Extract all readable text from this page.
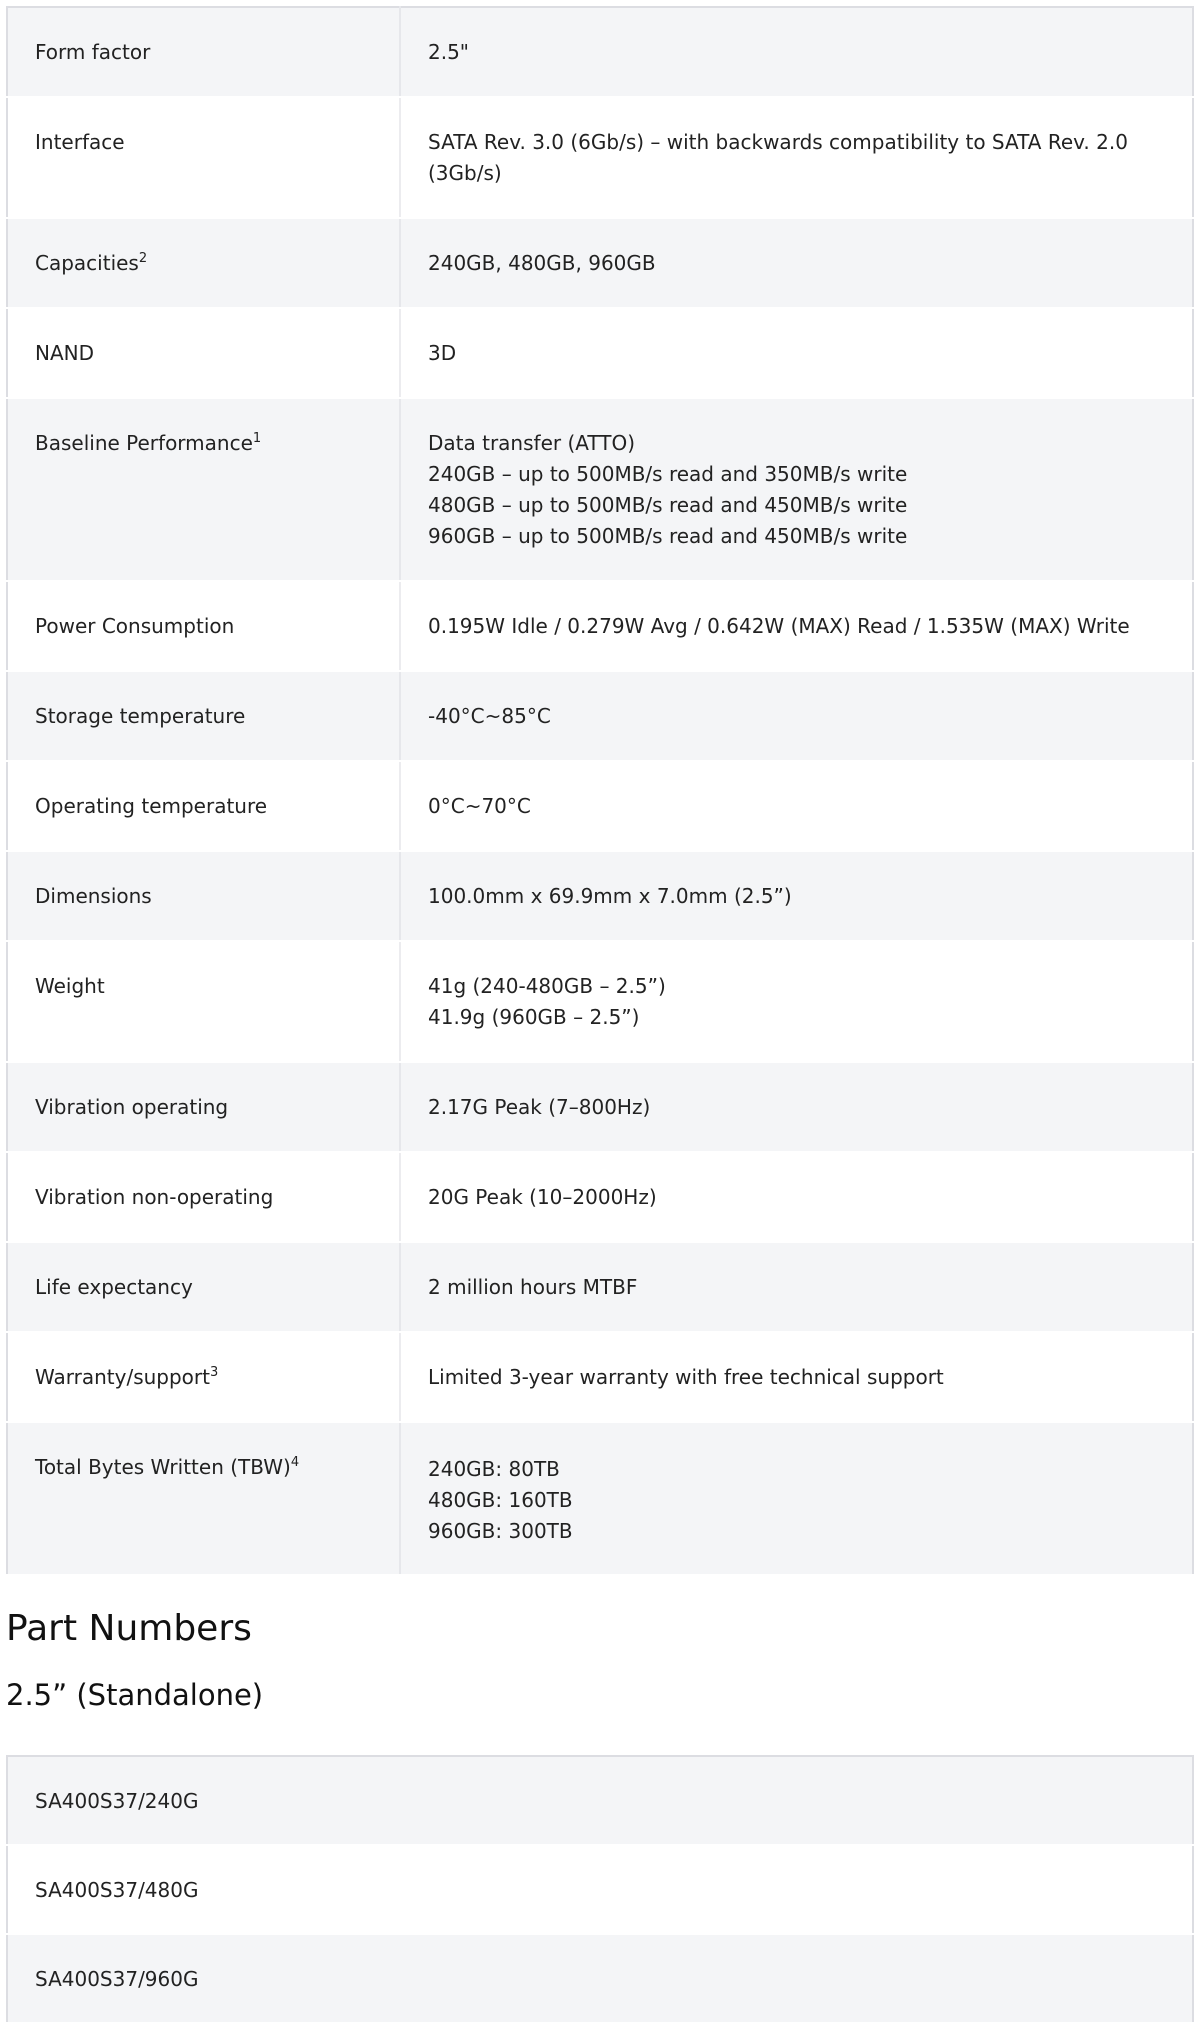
Form factor	2.5"

Interface	SATA Rev. 3.0 (6Gb/s) – with backwards compatibility to SATA Rev. 2.0 (3Gb/s)

Capacities$^2$	240GB, 480GB, 960GB

NAND	3D

Baseline Performance$^1$	Data transfer (ATTO)
240GB – up to 500MB/s read and 350MB/s write
480GB – up to 500MB/s read and 450MB/s write
960GB – up to 500MB/s read and 450MB/s write

Power Consumption	0.195W Idle / 0.279W Avg / 0.642W (MAX) Read / 1.535W (MAX) Write

Storage temperature	-40°C~85°C

Operating temperature	0°C~70°C

Dimensions	100.0mm x 69.9mm x 7.0mm (2.5”)

Weight	41g (240-480GB – 2.5”)
41.9g (960GB – 2.5”)

Vibration operating	2.17G Peak (7–800Hz)

Vibration non-operating	20G Peak (10–2000Hz)

Life expectancy	2 million hours MTBF

Warranty/support$^3$	Limited 3-year warranty with free technical support

Total Bytes Written (TBW)$^4$	240GB: 80TB
480GB: 160TB
960GB: 300TB
Part Numbers
2.5” (Standalone)
SA400S37/240G
SA400S37/480G
SA400S37/960G
